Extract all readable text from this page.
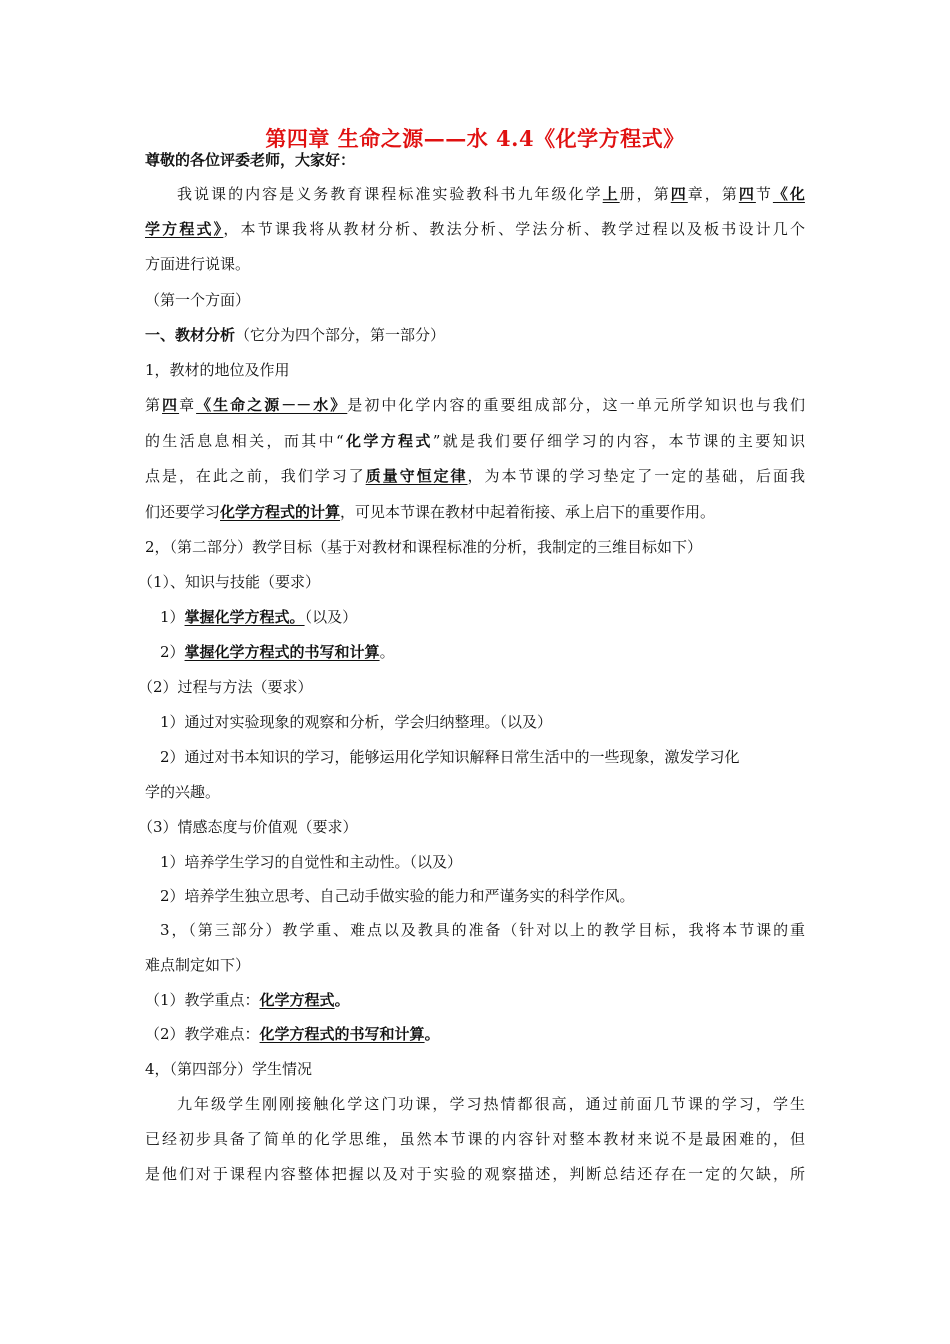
第四章 生命之源——水 4.4《化学方程式》
尊敬的各位评委老师，大家好：
我说课的内容是义务教育课程标准实验教科书九年级化学上册，第四章，第四节《化
学方程式》，本节课我将从教材分析、教法分析、学法分析、教学过程以及板书设计几个
方面进行说课。
（第一个方面）
一、教材分析（它分为四个部分，第一部分）
1，教材的地位及作用
第四章《生命之源－－水》是初中化学内容的重要组成部分，这一单元所学知识也与我们
的生活息息相关，而其中“化学方程式”就是我们要仔细学习的内容，本节课的主要知识
点是，在此之前，我们学习了质量守恒定律，为本节课的学习垫定了一定的基础，后面我
们还要学习化学方程式的计算，可见本节课在教材中起着衔接、承上启下的重要作用。
2，（第二部分）教学目标（基于对教材和课程标准的分析，我制定的三维目标如下）
（1）、知识与技能（要求）
1）掌握化学方程式。（以及）
2）掌握化学方程式的书写和计算。
（2）过程与方法（要求）
1）通过对实验现象的观察和分析，学会归纳整理。（以及）
2）通过对书本知识的学习，能够运用化学知识解释日常生活中的一些现象，激发学习化
学的兴趣。
（3）情感态度与价值观（要求）
1）培养学生学习的自觉性和主动性。（以及）
2）培养学生独立思考、自己动手做实验的能力和严谨务实的科学作风。
3，（第三部分）教学重、难点以及教具的准备（针对以上的教学目标，我将本节课的重
难点制定如下）
（1）教学重点：化学方程式。
（2）教学难点：化学方程式的书写和计算。
4，（第四部分）学生情况
九年级学生刚刚接触化学这门功课，学习热情都很高，通过前面几节课的学习，学生
已经初步具备了简单的化学思维，虽然本节课的内容针对整本教材来说不是最困难的，但
是他们对于课程内容整体把握以及对于实验的观察描述，判断总结还存在一定的欠缺，所
